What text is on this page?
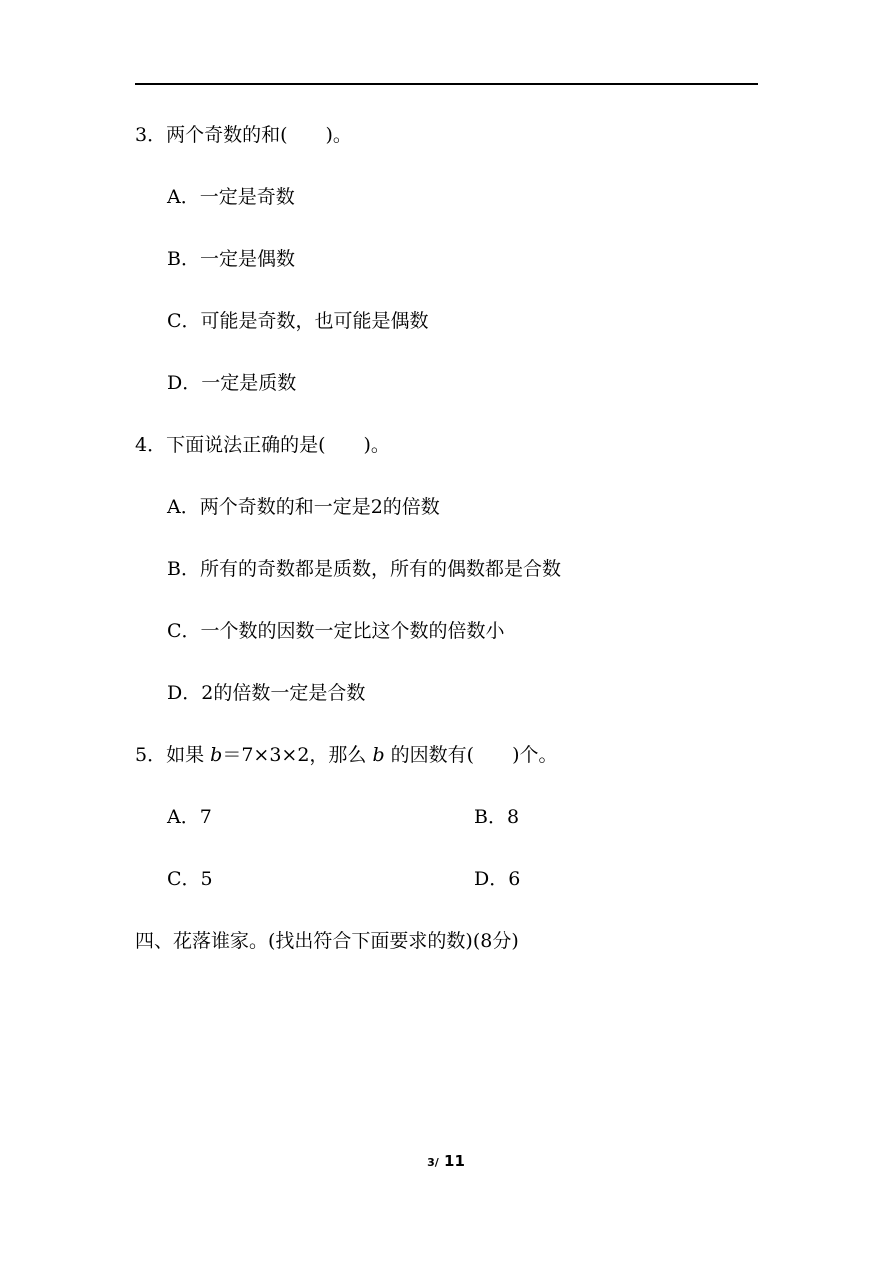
3．两个奇数的和(　　)。
A．一定是奇数
B．一定是偶数
C．可能是奇数，也可能是偶数
D．一定是质数
4．下面说法正确的是(　　)。
A．两个奇数的和一定是2的倍数
B．所有的奇数都是质数，所有的偶数都是合数
C．一个数的因数一定比这个数的倍数小
D．2的倍数一定是合数
5．如果 b＝7×3×2，那么 b 的因数有(　　)个。
A．7	B．8
C．5	D．6
四、花落谁家。(找出符合下面要求的数)(8分)
3/ 11
